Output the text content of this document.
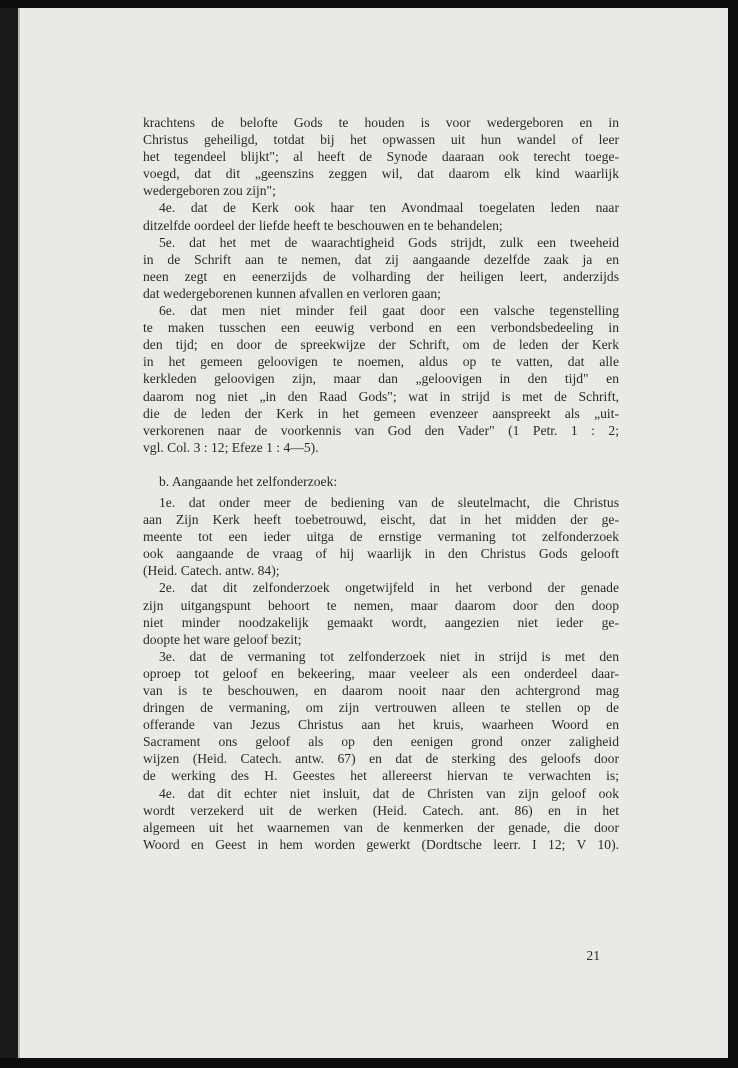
krachtens de belofte Gods te houden is voor wedergeboren en in
Christus geheiligd, totdat bij het opwassen uit hun wandel of leer
het tegendeel blijkt"; al heeft de Synode daaraan ook terecht toege-
voegd, dat dit „geenszins zeggen wil, dat daarom elk kind waarlijk
wedergeboren zou zijn";
4e. dat de Kerk ook haar ten Avondmaal toegelaten leden naar
ditzelfde oordeel der liefde heeft te beschouwen en te behandelen;
5e. dat het met de waarachtigheid Gods strijdt, zulk een tweeheid
in de Schrift aan te nemen, dat zij aangaande dezelfde zaak ja en
neen zegt en eenerzijds de volharding der heiligen leert, anderzijds
dat wedergeborenen kunnen afvallen en verloren gaan;
6e. dat men niet minder feil gaat door een valsche tegenstelling
te maken tusschen een eeuwig verbond en een verbondsbedeeling in
den tijd; en door de spreekwijze der Schrift, om de leden der Kerk
in het gemeen geloovigen te noemen, aldus op te vatten, dat alle
kerkleden geloovigen zijn, maar dan „geloovigen in den tijd" en
daarom nog niet „in den Raad Gods"; wat in strijd is met de Schrift,
die de leden der Kerk in het gemeen evenzeer aanspreekt als „uit-
verkorenen naar de voorkennis van God den Vader" (1 Petr. 1 : 2;
vgl. Col. 3 : 12; Efeze 1 : 4—5).
b. Aangaande het zelfonderzoek:
1e. dat onder meer de bediening van de sleutelmacht, die Christus
aan Zijn Kerk heeft toebetrouwd, eischt, dat in het midden der ge-
meente tot een ieder uitga de ernstige vermaning tot zelfonderzoek
ook aangaande de vraag of hij waarlijk in den Christus Gods gelooft
(Heid. Catech. antw. 84);
2e. dat dit zelfonderzoek ongetwijfeld in het verbond der genade
zijn uitgangspunt behoort te nemen, maar daarom door den doop
niet minder noodzakelijk gemaakt wordt, aangezien niet ieder ge-
doopte het ware geloof bezit;
3e. dat de vermaning tot zelfonderzoek niet in strijd is met den
oproep tot geloof en bekeering, maar veeleer als een onderdeel daar-
van is te beschouwen, en daarom nooit naar den achtergrond mag
dringen de vermaning, om zijn vertrouwen alleen te stellen op de
offerande van Jezus Christus aan het kruis, waarheen Woord en
Sacrament ons geloof als op den eenigen grond onzer zaligheid
wijzen (Heid. Catech. antw. 67) en dat de sterking des geloofs door
de werking des H. Geestes het allereerst hiervan te verwachten is;
4e. dat dit echter niet insluit, dat de Christen van zijn geloof ook
wordt verzekerd uit de werken (Heid. Catech. ant. 86) en in het
algemeen uit het waarnemen van de kenmerken der genade, die door
Woord en Geest in hem worden gewerkt (Dordtsche leerr. I 12; V 10).
21
